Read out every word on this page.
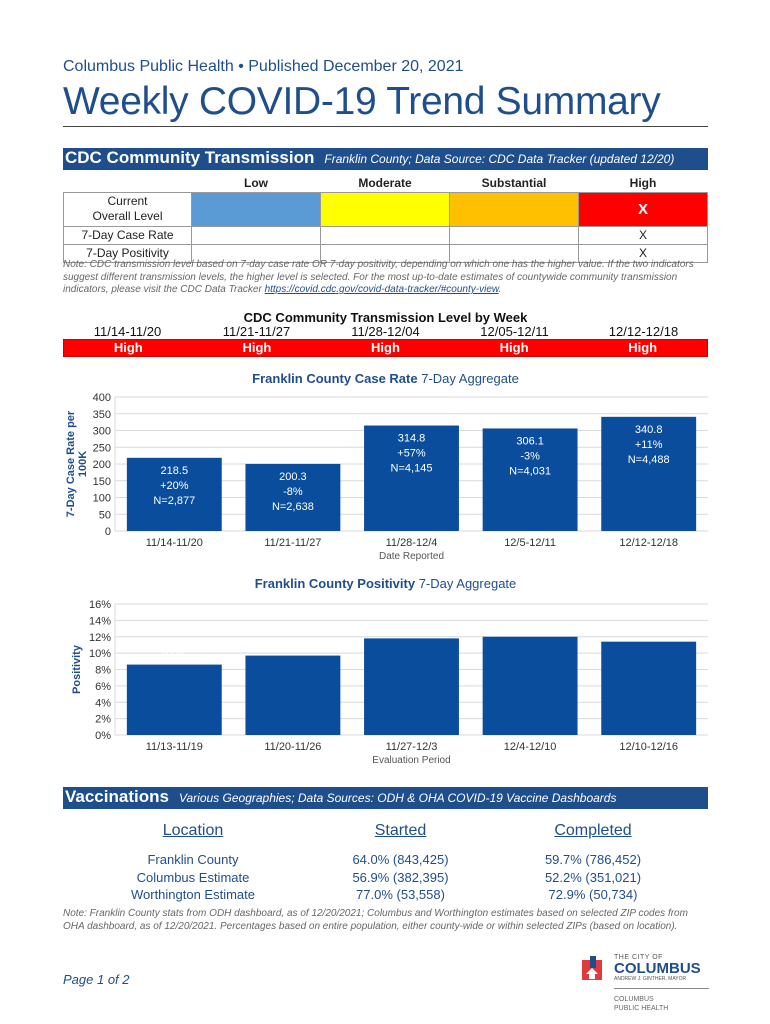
Columbus Public Health • Published December 20, 2021
Weekly COVID-19 Trend Summary
CDC Community Transmission Franklin County; Data Source: CDC Data Tracker (updated 12/20)
	Low	Moderate	Substantial	High
Current
Overall Level				X
7-Day Case Rate				X
7-Day Positivity				X
Note: CDC transmission level based on 7-day case rate OR 7-day positivity, depending on which one has the higher value. If the two indicators suggest different transmission levels, the higher level is selected. For the most up-to-date estimates of countywide community transmission indicators, please visit the CDC Data Tracker https://covid.cdc.gov/covid-data-tracker/#county-view.
CDC Community Transmission Level by Week
11/14-11/20	11/21-11/27	11/28-12/04	12/05-12/11	12/12-12/18
High	High	High	High	High
Franklin County Case Rate 7-Day Aggregate
0
50
100
150
200
250
300
350
400
11/14-11/20
218.5
+20%
N=2,877
11/21-11/27
200.3
-8%
N=2,638
11/28-12/4
314.8
+57%
N=4,145
12/5-12/11
306.1
-3%
N=4,031
12/12-12/18
340.8
+11%
N=4,488
Date Reported
7-Day Case Rate per100K
Franklin County Positivity 7-Day Aggregate
0%
2%
4%
6%
8%
10%
12%
14%
16%
11/13-11/19
8.6%
11/20-11/26
9.7%
11/27-12/3
11.8%
12/4-12/10
12.0%
12/10-12/16
11.4%
Evaluation Period
Positivity
Vaccinations Various Geographies; Data Sources: ODH & OHA COVID-19 Vaccine Dashboards
Location	Started	Completed
Franklin County	64.0% (843,425)	59.7% (786,452)
Columbus Estimate	56.9% (382,395)	52.2% (351,021)
Worthington Estimate	77.0% (53,558)	72.9% (50,734)
Note: Franklin County stats from ODH dashboard, as of 12/20/2021; Columbus and Worthington estimates based on selected ZIP codes from OHA dashboard, as of 12/20/2021. Percentages based on entire population, either county-wide or within selected ZIPs (based on location).
Page 1 of 2
THE CITY OF
COLUMBUS
ANDREW J. GINTHER, MAYOR
COLUMBUS
PUBLIC HEALTH
